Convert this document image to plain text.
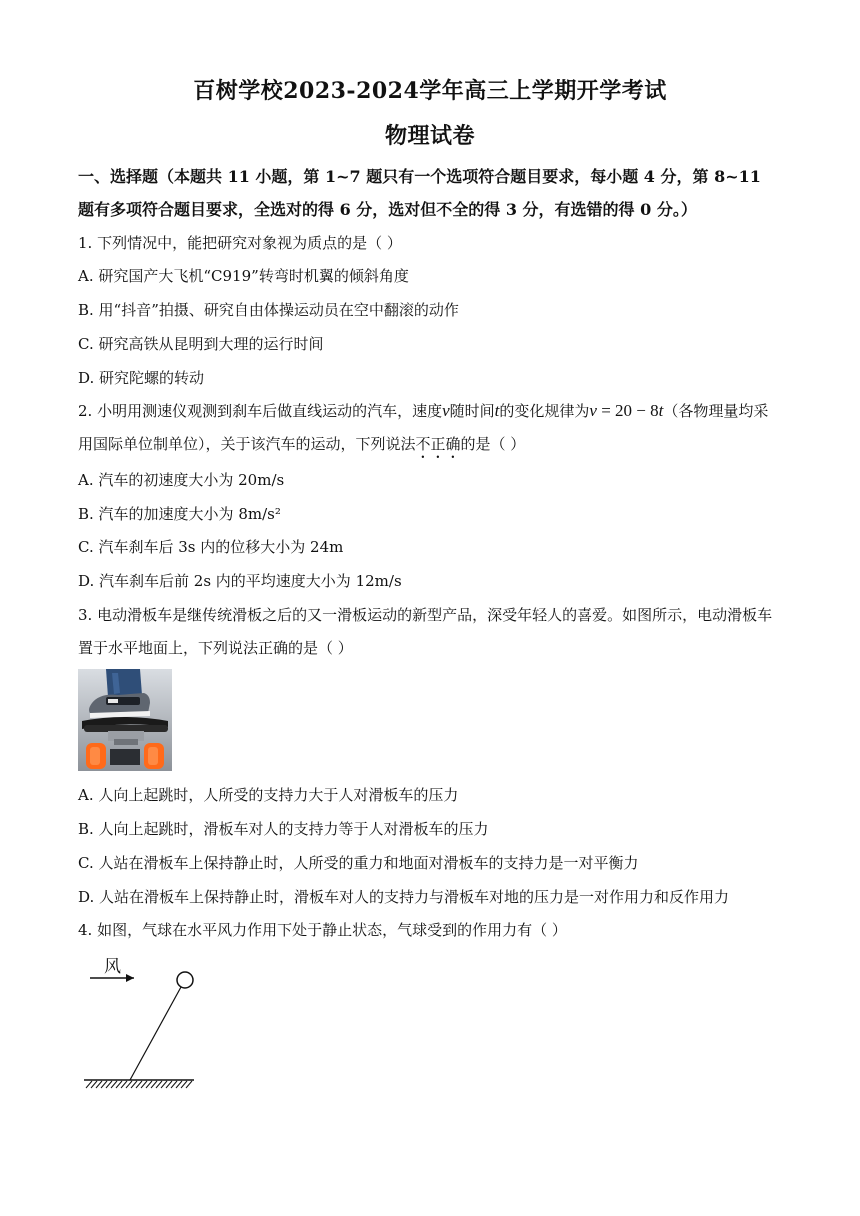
百树学校2023-2024学年高三上学期开学考试
物理试卷
一、选择题（本题共 11 小题，第 1~7 题只有一个选项符合题目要求，每小题 4 分，第 8~11
题有多项符合题目要求，全选对的得 6 分，选对但不全的得 3 分，有选错的得 0 分。）
1. 下列情况中，能把研究对象视为质点的是（ ）
A. 研究国产大飞机“C919”转弯时机翼的倾斜角度
B. 用“抖音”拍摄、研究自由体操运动员在空中翻滚的动作
C. 研究高铁从昆明到大理的运行时间
D. 研究陀螺的转动
2. 小明用测速仪观测到刹车后做直线运动的汽车，速度v随时间t的变化规律为v = 20 − 8t（各物理量均采
用国际单位制单位），关于该汽车的运动，下列说法不正确的是（ ）
A. 汽车的初速度大小为 20m/s
B. 汽车的加速度大小为 8m/s²
C. 汽车刹车后 3s 内的位移大小为 24m
D. 汽车刹车后前 2s 内的平均速度大小为 12m/s
3. 电动滑板车是继传统滑板之后的又一滑板运动的新型产品，深受年轻人的喜爱。如图所示，电动滑板车
置于水平地面上，下列说法正确的是（ ）
A. 人向上起跳时，人所受的支持力大于人对滑板车的压力
B. 人向上起跳时，滑板车对人的支持力等于人对滑板车的压力
C. 人站在滑板车上保持静止时，人所受的重力和地面对滑板车的支持力是一对平衡力
D. 人站在滑板车上保持静止时，滑板车对人的支持力与滑板车对地的压力是一对作用力和反作用力
4. 如图，气球在水平风力作用下处于静止状态，气球受到的作用力有（ ）
风
